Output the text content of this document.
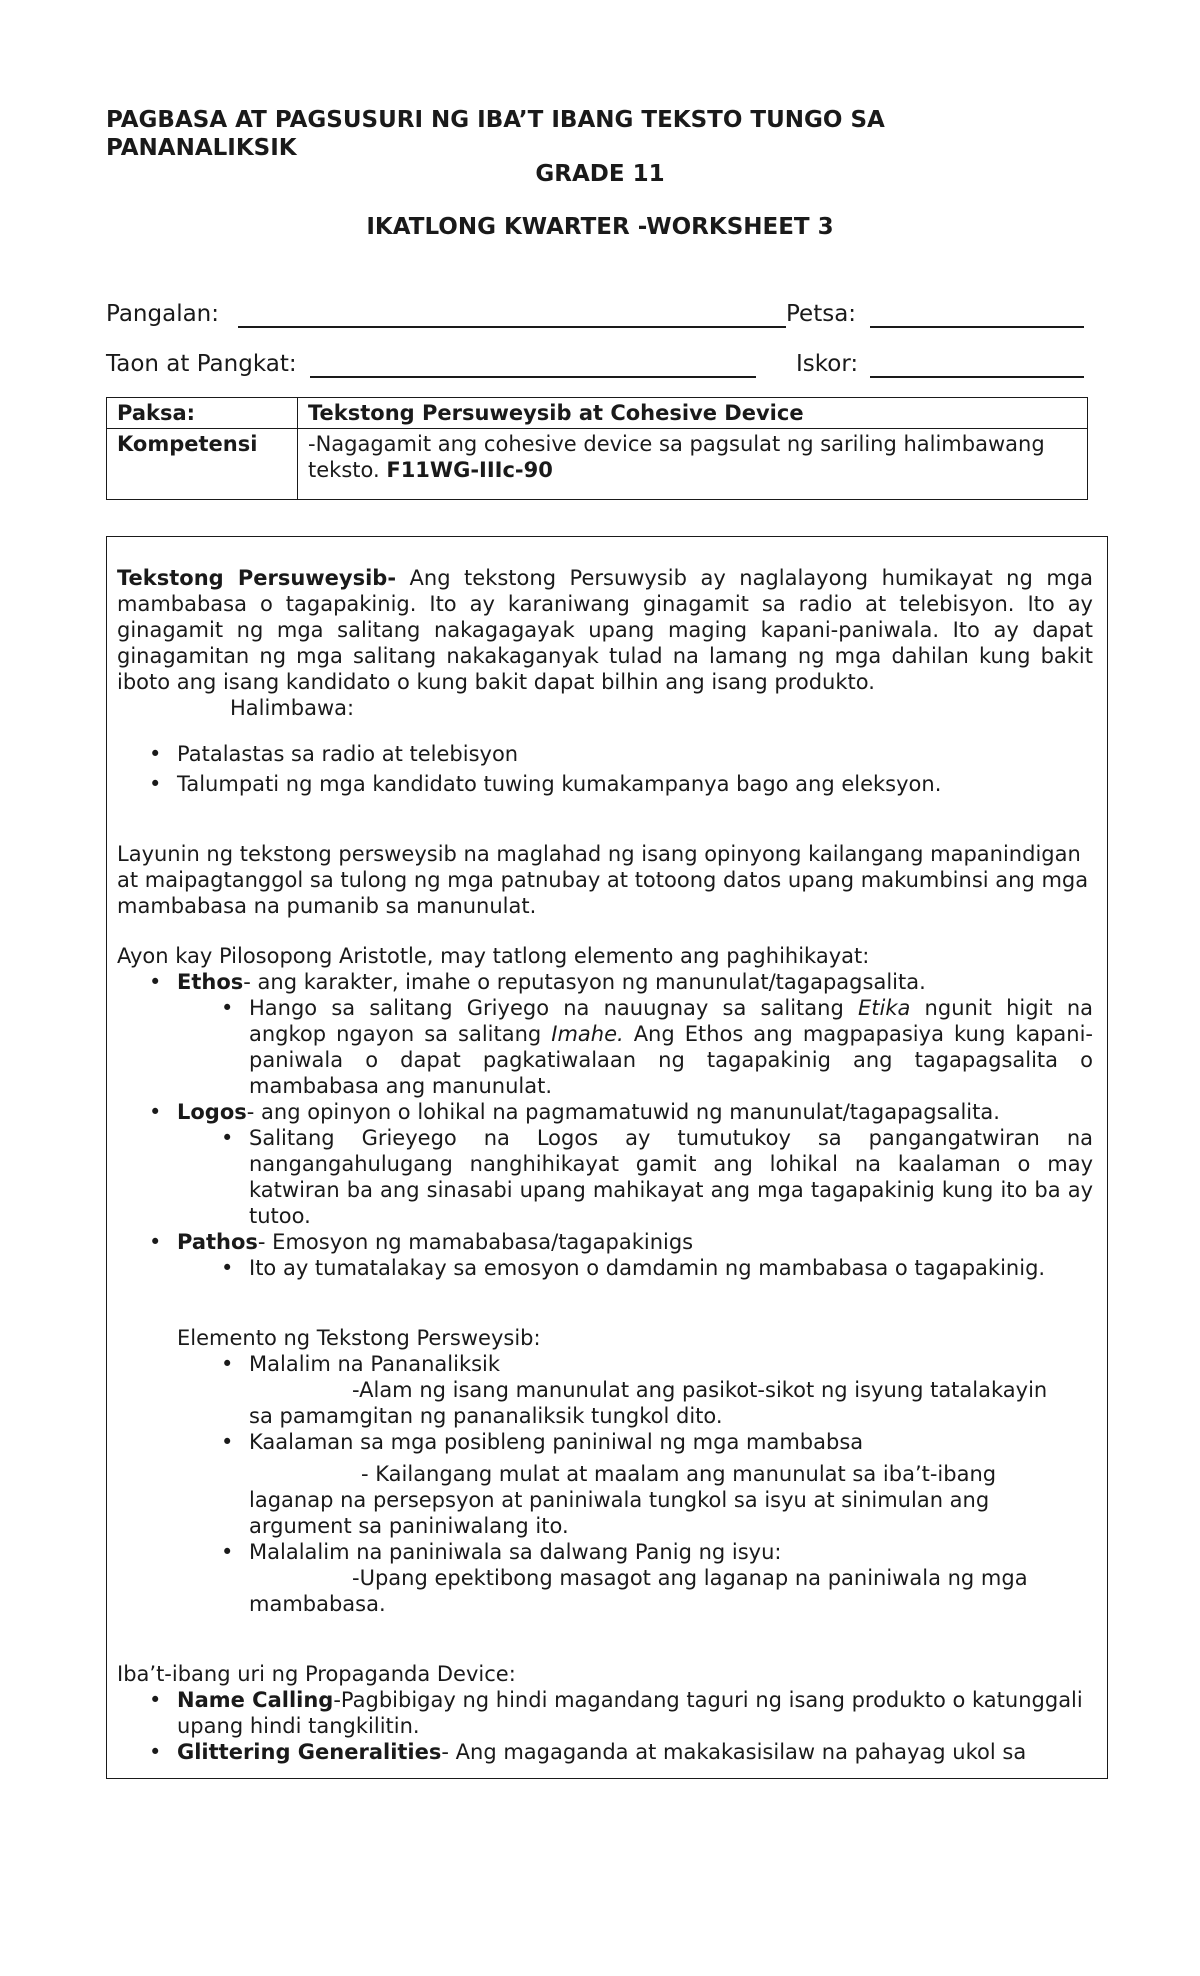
PAGBASA AT PAGSUSURI NG IBA’T IBANG TEKSTO TUNGO SA PANANALIKSIK
GRADE 11
IKATLONG KWARTER -WORKSHEET 3
Pangalan:	Petsa:
Taon at Pangkat:	Iskor:
Paksa:	Tekstong Persuweysib at Cohesive Device
Kompetensi	-Nagagamit ang cohesive device sa pagsulat ng sariling halimbawang teksto. F11WG-IIIc-90

Tekstong Persuweysib- Ang tekstong Persuwysib ay naglalayong humikayat ng mga mambabasa o tagapakinig. Ito ay karaniwang ginagamit sa radio at telebisyon. Ito ay ginagamit ng mga salitang nakagagayak upang maging kapani-paniwala. Ito ay dapat ginagamitan ng mga salitang nakakaganyak tulad na lamang ng mga dahilan kung bakit iboto ang isang kandidato o kung bakit dapat bilhin ang isang produkto.

Halimbawa:

• Patalastas sa radio at telebisyon
• Talumpati ng mga kandidato tuwing kumakampanya bago ang eleksyon.

Layunin ng tekstong persweysib na maglahad ng isang opinyong kailangang mapanindigan at maipagtanggol sa tulong ng mga patnubay at totoong datos upang makumbinsi ang mga mambabasa na pumanib sa manunulat.

Ayon kay Pilosopong Aristotle, may tatlong elemento ang paghihikayat:

• Ethos- ang karakter, imahe o reputasyon ng manunulat/tagapagsalita.
• Hango sa salitang Griyego na nauugnay sa salitang Etika ngunit higit na angkop ngayon sa salitang Imahe. Ang Ethos ang magpapasiya kung kapani-paniwala o dapat pagkatiwalaan ng tagapakinig ang tagapagsalita o mambabasa ang manunulat.
• Logos- ang opinyon o lohikal na pagmamatuwid ng manunulat/tagapagsalita.
• Salitang Grieyego na Logos ay tumutukoy sa pangangatwiran na nangangahulugang nanghihikayat gamit ang lohikal na kaalaman o may katwiran ba ang sinasabi upang mahikayat ang mga tagapakinig kung ito ba ay tutoo.
• Pathos- Emosyon ng mamababasa/tagapakinigs
• Ito ay tumatalakay sa emosyon o damdamin ng mambabasa o tagapakinig.

Elemento ng Tekstong Persweysib:

• Malalim na Pananaliksik

-Alam ng isang manunulat ang pasikot-sikot ng isyung tatalakayin

sa pamamgitan ng pananaliksik tungkol dito.

• Kaalaman sa mga posibleng paniniwal ng mga mambabsa

- Kailangang mulat at maalam ang manunulat sa iba’t-ibang

laganap na persepsyon at paniniwala tungkol sa isyu at sinimulan ang

argument sa paniniwalang ito.

• Malalalim na paniniwala sa dalwang Panig ng isyu:

-Upang epektibong masagot ang laganap na paniniwala ng mga

mambabasa.

Iba’t-ibang uri ng Propaganda Device:

• Name Calling-Pagbibigay ng hindi magandang taguri ng isang produkto o katunggali upang hindi tangkilitin.
• Glittering Generalities- Ang magaganda at makakasisilaw na pahayag ukol sa
